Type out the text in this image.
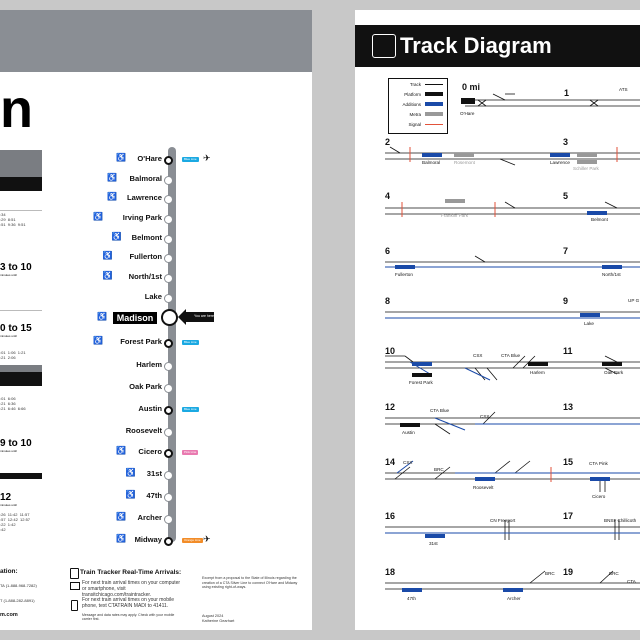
n
:34
:29  8:51
:51  9:36  9:51
3 to 10
minutes until
0 to 15
minutes until
:01  1:06  1:21
:21  2:06
:01  6:06
:21  6:36
:21  6:46  6:66
9 to 10
minutes until
12
minutes until
:26  11:42  11:57
:57  12:42  12:57
:22  1:42
:42
ation:
TA (1-888-968-7282)
T (1-888-282-8891)
m.com
O'Hare
♿	Blue Line ✈
Balmoral
♿
Lawrence
♿
Irving Park
♿
Belmont
♿
Fullerton
♿
North/1st
♿
Lake
Madison
♿
Forest Park
♿	Blue Line
Harlem
Oak Park
Austin	Blue Line
Roosevelt
Cicero
♿	Pink Line
31st
♿
47th
♿
Archer
♿
Midway
♿	Orange Line ✈
You are here
Train Tracker Real-Time Arrivals:
For next train arrival times on your computer or smartphone, visit transitchicago.com/traintracker.
For next train arrival times on your mobile phone, text CTATRAIN MADI to 41411.
Message and data rates may apply. Check with your mobile carrier first.
Excerpt from a proposal to the State of Illinois regarding the creation of a CTA Silver Line to connect O'Hare and Midway using existing right-of-ways.
August 2024
Katherine Gearhart
Track Diagram
Track
Platform
Additions
Metra
Signal
1
2	3
4	5
6	7
8	9
10	11
12	13
14	15
16	17
18	19
0 mi
O'Hare
ATS
Balmoral	Rosemont	Lawrence
Schiller Park
Franklin Park
Belmont
Fullerton	North/1st
Lake
UP G
CSX	CTA Blue
Forest Park
Harlem	Oak Park
Austin
CTA Blue
CSX
CSX
BRC
Roosevelt
CTA Pink
Cicero
CN Freeport
31st
BNSF Chillicoth
BRC	BRC
CTA
47th	Archer
